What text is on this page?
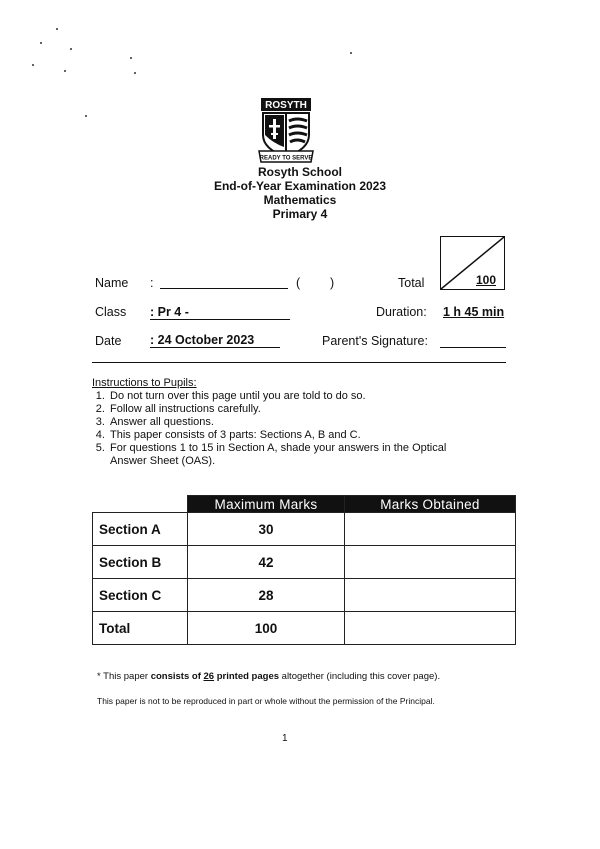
ROSYTH
READY TO SERVE
Rosyth School
End-of-Year Examination 2023
Mathematics
Primary 4
100
Name :	( )	Total
Class : Pr 4 -	Duration: 1 h 45 min
Date : 24 October 2023	Parent's Signature:
Instructions to Pupils:
1. Do not turn over this page until you are told to do so.
2. Follow all instructions carefully.
3. Answer all questions.
4. This paper consists of 3 parts: Sections A, B and C.
5. For questions 1 to 15 in Section A, shade your answers in the Optical Answer Sheet (OAS).
	Maximum Marks	Marks Obtained
Section A	30	
Section B	42	
Section C	28	
Total	100	
* This paper consists of 26 printed pages altogether (including this cover page).
This paper is not to be reproduced in part or whole without the permission of the Principal.
1
